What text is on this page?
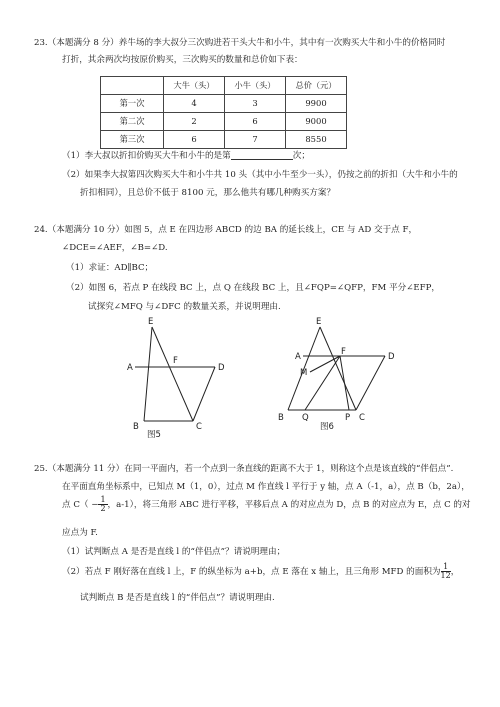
23.（本题满分 8 分）养牛场的李大叔分三次购进若干头大牛和小牛，其中有一次购买大牛和小牛的价格同时
打折，其余两次均按原价购买，三次购买的数量和总价如下表：
	大牛（头）	小牛（头）	总价（元）
第一次	4	3	9900
第二次	2	6	9000
第三次	6	7	8550
（1）李大叔以折扣价购买大牛和小牛的是第	次；
（2）如果李大叔第四次购买大牛和小牛共 10 头（其中小牛至少一头），仍按之前的折扣（大牛和小牛的
折扣相同），且总价不低于 8100 元，那么他共有哪几种购买方案？
24.（本题满分 10 分）如图 5，点 E 在四边形 ABCD 的边 BA 的延长线上，CE 与 AD 交于点 F，
∠DCE=∠AEF，∠B=∠D.
（1）求证：AD∥BC；
（2）如图 6，若点 P 在线段 BC 上，点 Q 在线段 BC 上，且∠FQP=∠QFP，FM 平分∠EFP，
试探究∠MFQ 与∠DFC 的数量关系，并说明理由.
E
A
F
D
B	C
图5
E
A	F	D
M
B Q	P C
图6
25.（本题满分 11 分）在同一平面内，若一个点到一条直线的距离不大于 1，则称这个点是该直线的“伴侣点”.
在平面直角坐标系中，已知点 M（1，0），过点 M 作直线 l 平行于 y 轴，点 A（-1，a），点 B（b，2a），
点 $C( - \frac{1}{2}$ ，a-1），将三角形 ABC 进行平移，平移后点 A 的对应点为 D，点 B 的对应点为 E，点 C 的对
应点为 F.
（1）试判断点 A 是否是直线 l 的“伴侣点”？请说明理由；
（2）若点 F 刚好落在直线 l 上，F 的纵坐标为 a+b，点 E 落在 x 轴上，且三角形 MFD 的面积为 $\frac{1}{12}$ ，
试判断点 B 是否是直线 l 的“伴侣点”？请说明理由.
